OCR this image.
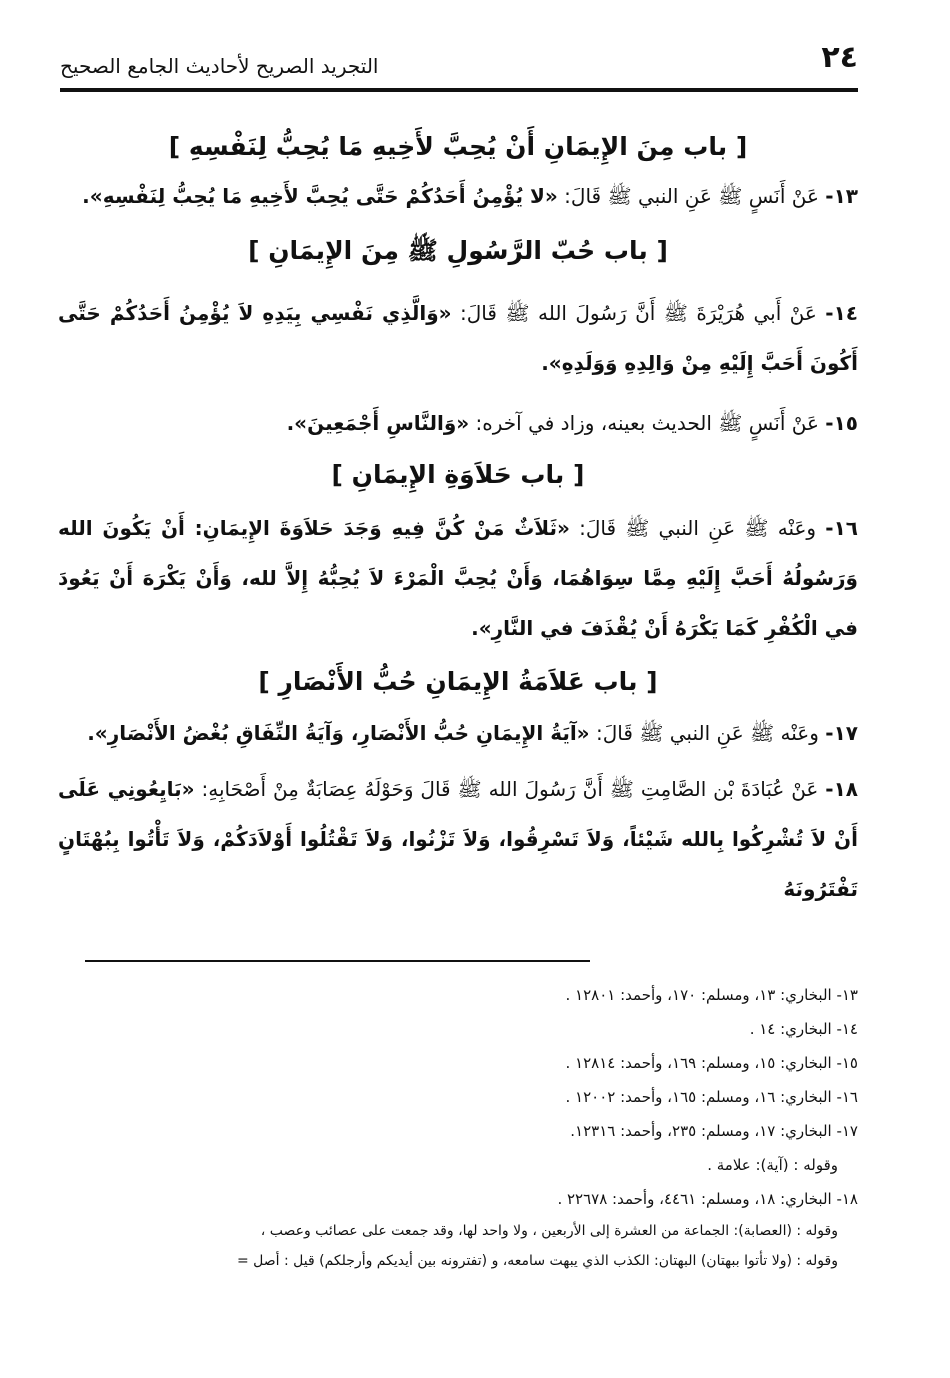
٢٤
التجريد الصريح لأحاديث الجامع الصحيح

[ باب مِنَ الإِيمَانِ أَنْ يُحِبَّ لأَخِيهِ مَا يُحِبُّ لِنَفْسِهِ ]

١٣- عَنْ أَنَسٍ ﷺ عَنِ النبي ﷺ قَالَ: «لا يُؤْمِنُ أَحَدُكُمْ حَتَّى يُحِبَّ لأَخِيهِ مَا يُحِبُّ لِنَفْسِهِ».

[ باب حُبّ الرَّسُولِ ﷺ مِنَ الإِيمَانِ ]

١٤- عَنْ أَبي هُرَيْرَةَ ﷺ أَنَّ رَسُولَ الله ﷺ قَالَ: «وَالَّذِي نَفْسِي بِيَدِهِ لاَ يُؤْمِنُ أَحَدُكُمْ حَتَّى أَكُونَ أَحَبَّ إِلَيْهِ مِنْ وَالِدِهِ وَوَلَدِهِ».

١٥- عَنْ أَنَسٍ ﷺ الحديث بعينه، وزاد في آخره: «وَالنَّاسِ أَجْمَعِينَ».

[ باب حَلاَوَةِ الإِيمَانِ ]

١٦- وعَنْه ﷺ عَنِ النبي ﷺ قَالَ: «ثَلاَثٌ مَنْ كُنَّ فِيهِ وَجَدَ حَلاَوَةَ الإِيمَانِ: أَنْ يَكُونَ الله وَرَسُولُهُ أَحَبَّ إِلَيْهِ مِمَّا سِوَاهُمَا، وَأَنْ يُحِبَّ الْمَرْءَ لاَ يُحِبُّهُ إِلاَّ لله، وَأَنْ يَكْرَهَ أَنْ يَعُودَ في الْكُفْرِ كَمَا يَكْرَهُ أَنْ يُقْذَفَ في النَّارِ».

[ باب عَلاَمَةُ الإِيمَانِ حُبُّ الأَنْصَارِ ]

١٧- وعَنْه ﷺ عَنِ النبي ﷺ قَالَ: «آيَةُ الإِيمَانِ حُبُّ الأَنْصَارِ، وَآيَةُ النِّفَاقِ بُغْضُ الأَنْصَارِ».

١٨- عَنْ عُبَادَةَ بْن الصَّامِتِ ﷺ أَنَّ رَسُولَ الله ﷺ قَالَ وَحَوْلَهُ عِصَابَةٌ مِنْ أَصْحَابِهِ: «بَايِعُونِي عَلَى أَنْ لاَ تُشْرِكُوا بِالله شَيْئاً، وَلاَ تَسْرِقُوا، وَلاَ تَزْنُوا، وَلاَ تَقْتُلُوا أَوْلاَدَكُمْ، وَلاَ تَأْتُوا بِبُهْتَانٍ تَفْتَرُونَهُ

١٣- البخاري: ١٣، ومسلم: ١٧٠، وأحمد: ١٢٨٠١ .

١٤- البخاري: ١٤ .

١٥- البخاري: ١٥، ومسلم: ١٦٩، وأحمد: ١٢٨١٤ .

١٦- البخاري: ١٦، ومسلم: ١٦٥، وأحمد: ١٢٠٠٢ .

١٧- البخاري: ١٧، ومسلم: ٢٣٥، وأحمد: ١٢٣١٦.

وقوله : (آية): علامة .

١٨- البخاري: ١٨، ومسلم: ٤٤٦١، وأحمد: ٢٢٦٧٨ .

وقوله : (العصابة): الجماعة من العشرة إلى الأربعين ، ولا واحد لها، وقد جمعت على عصائب وعصب ،

وقوله : (ولا تأتوا ببهتان) البهتان: الكذب الذي يبهت سامعه، و (تفترونه بين أيديكم وأرجلكم) قيل : أصل =
